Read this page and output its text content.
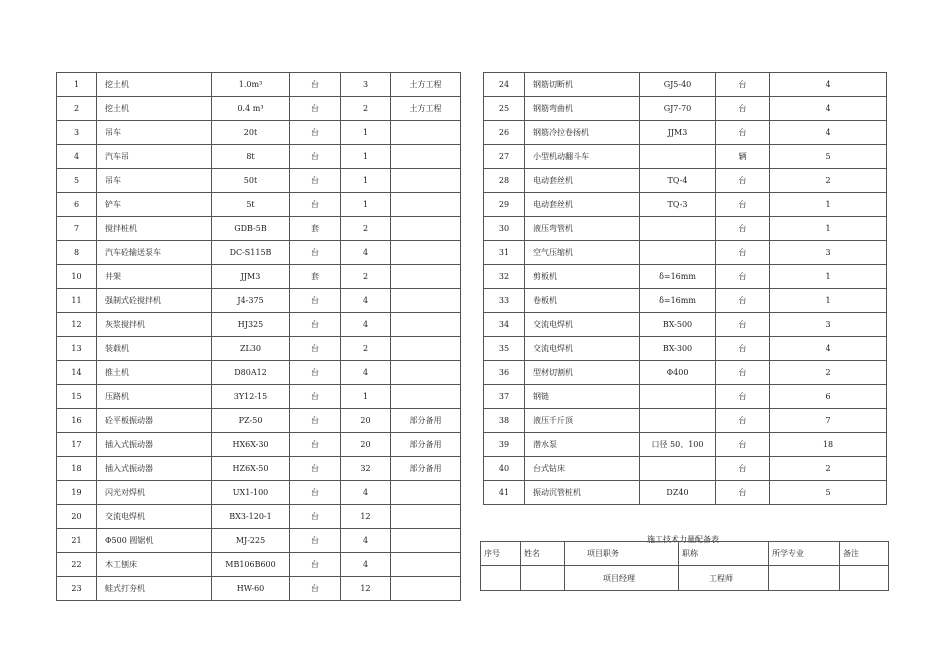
1	挖土机	1.0m³	台	3	土方工程
2	挖土机	0.4 m³	台	2	土方工程
3	吊车	20t	台	1	
4	汽车吊	8t	台	1	
5	吊车	50t	台	1	
6	铲车	5t	台	1	
7	搅拌桩机	GDB-5B	套	2	
8	汽车砼输送泵车	DC-S115B	台	4	
10	井架	JJM3	套	2	
11	强制式砼搅拌机	J4-375	台	4	
12	灰浆搅拌机	HJ325	台	4	
13	装载机	ZL30	台	2	
14	推土机	D80A12	台	4	
15	压路机	3Y12-15	台	1	
16	砼平板振动器	PZ-50	台	20	部分备用
17	插入式振动器	HX6X-30	台	20	部分备用
18	插入式振动器	HZ6X-50	台	32	部分备用
19	闪光对焊机	UX1-100	台	4	
20	交流电焊机	BX3-120-1	台	12	
21	Φ500 圆锯机	MJ-225	台	4	
22	木工刨床	MB106B600	台	4	
23	蛙式打夯机	HW-60	台	12	
24	钢筋切断机	GJ5-40	台	4
25	钢筋弯曲机	GJ7-70	台	4
26	钢筋冷拉卷扬机	JJM3	台	4
27	小型机动翻斗车		辆	5
28	电动套丝机	TQ-4	台	2
29	电动套丝机	TQ-3	台	1
30	液压弯管机		台	1
31	空气压缩机		台	3
32	剪板机	δ=16mm	台	1
33	卷板机	δ=16mm	台	1
34	交流电焊机	BX-500	台	3
35	交流电焊机	BX-300	台	4
36	型材切割机	Φ400	台	2
37	钢链		台	6
38	液压千斤顶		台	7
39	潜水泵	口径 50、100	台	18
40	台式钻床		台	2
41	振动沉管桩机	DZ40	台	5
施工技术力量配备表
序号	姓名	项目职务	职称	所学专业	备注
		项目经理	工程师		
